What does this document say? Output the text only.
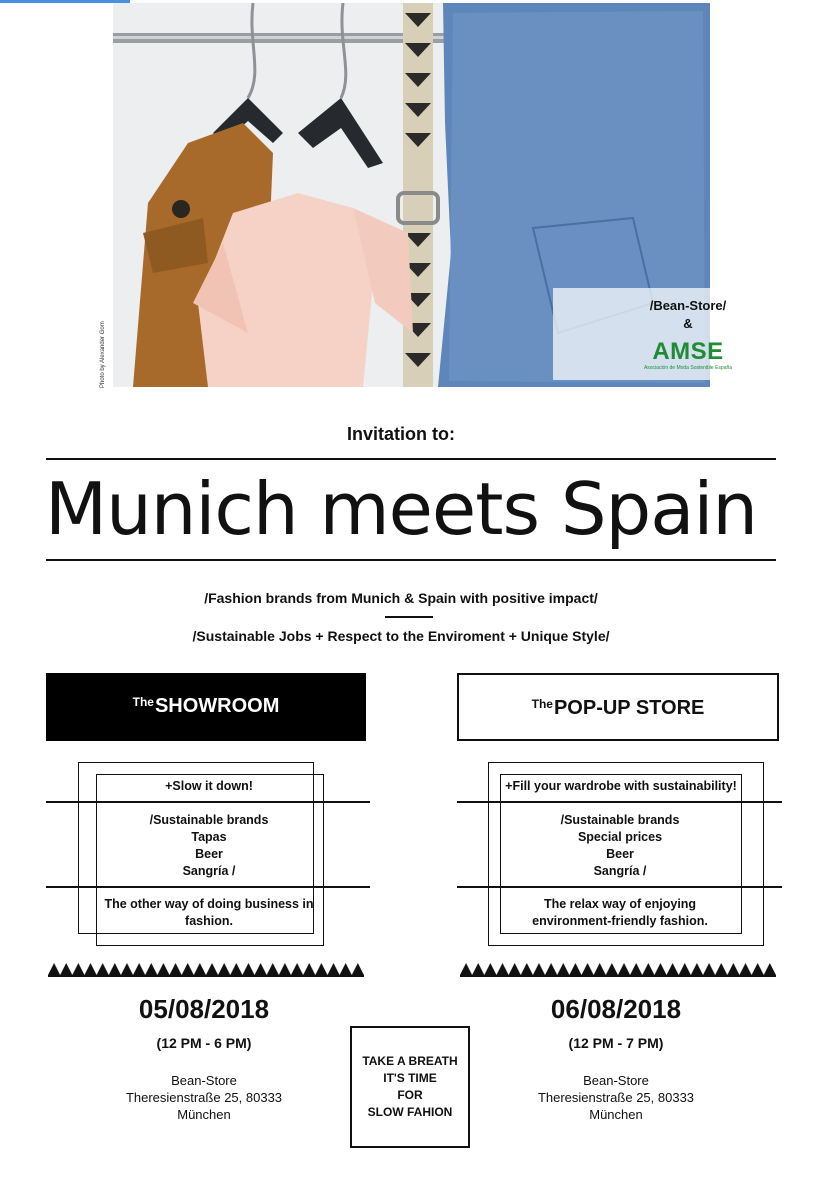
/Bean-Store/
&
AMSE
Asociación de Moda Sostenible España
Photo by Alexander Gom
Invitation to:
Munich meets Spain
/Fashion brands from Munich & Spain with positive impact/
/Sustainable Jobs + Respect to the Enviroment + Unique Style/
$^{The}$SHOWROOM	$^{The}$POP-UP STORE
+Slow it down!
/Sustainable brands
Tapas
Beer
Sangría /
The other way of doing business in fashion.
+Fill your wardrobe with sustainability!
/Sustainable brands
Special prices
Beer
Sangría /
The relax way of enjoying environment-friendly fashion.
05/08/2018
(12 PM - 6 PM)
Bean-Store
Theresienstraße 25, 80333
München
06/08/2018
(12 PM - 7 PM)
Bean-Store
Theresienstraße 25, 80333
München
TAKE A BREATH
IT'S TIME
FOR
SLOW FAHION
